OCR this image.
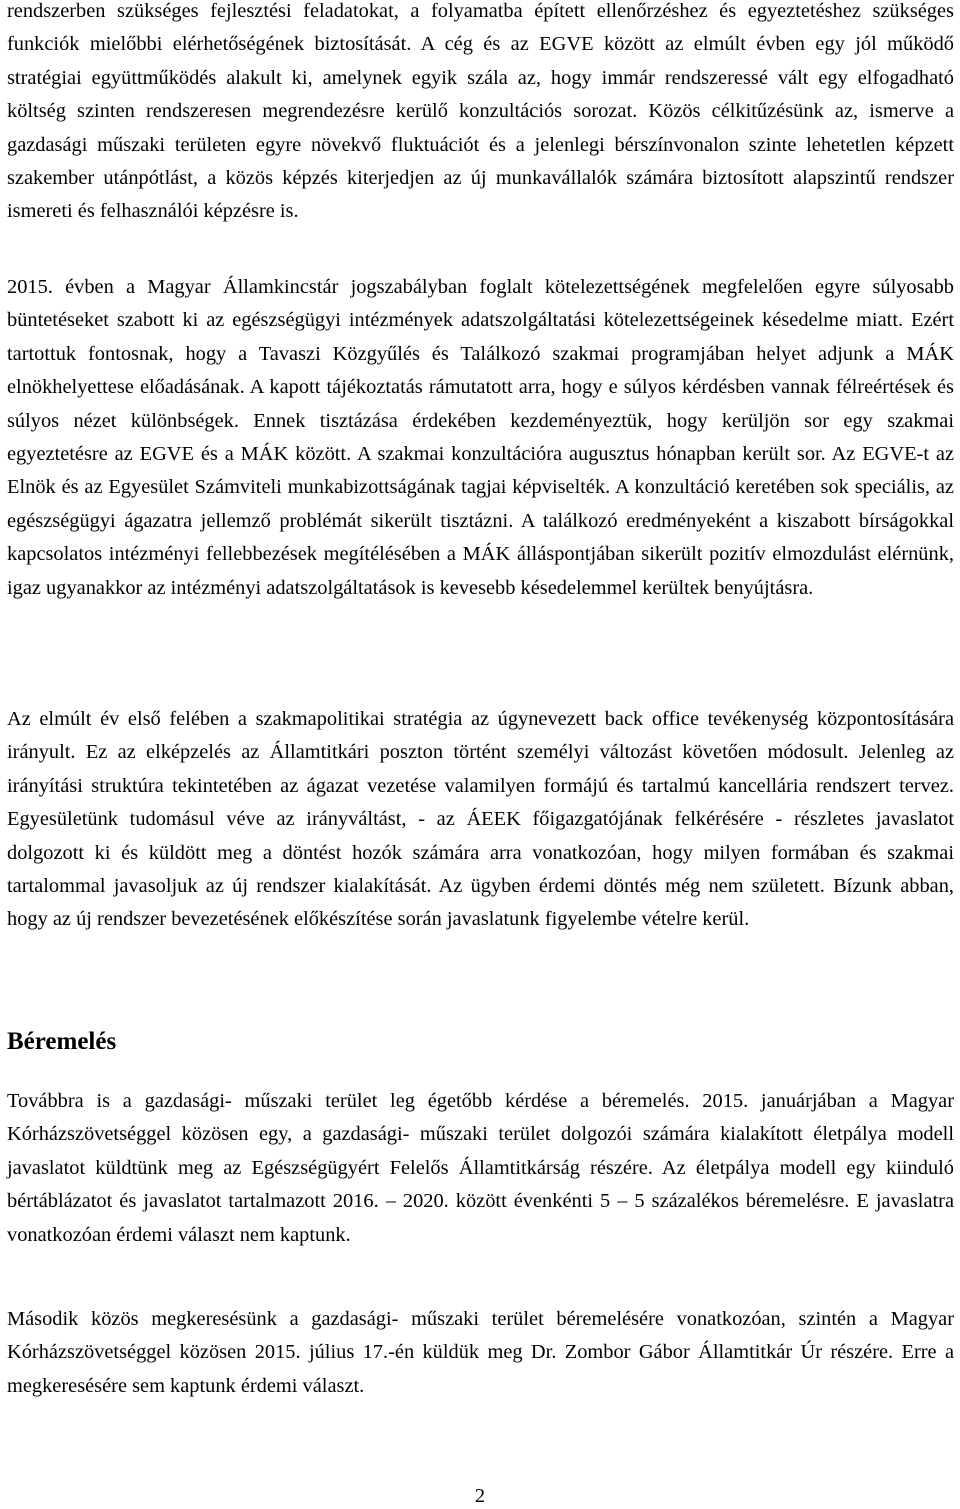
rendszerben szükséges fejlesztési feladatokat, a folyamatba épített ellenőrzéshez és egyeztetéshez szükséges funkciók mielőbbi elérhetőségének biztosítását. A cég és az EGVE között az elmúlt évben egy jól működő stratégiai együttműködés alakult ki, amelynek egyik szála az, hogy immár rendszeressé vált egy elfogadható költség szinten rendszeresen megrendezésre kerülő konzultációs sorozat. Közös célkitűzésünk az, ismerve a gazdasági műszaki területen egyre növekvő fluktuációt és a jelenlegi bérszínvonalon szinte lehetetlen képzett szakember utánpótlást, a közös képzés kiterjedjen az új munkavállalók számára biztosított alapszintű rendszer ismereti és felhasználói képzésre is.

2015. évben a Magyar Államkincstár jogszabályban foglalt kötelezettségének megfelelően egyre súlyosabb büntetéseket szabott ki az egészségügyi intézmények adatszolgáltatási kötelezettségeinek késedelme miatt. Ezért tartottuk fontosnak, hogy a Tavaszi Közgyűlés és Találkozó szakmai programjában helyet adjunk a MÁK elnökhelyettese előadásának. A kapott tájékoztatás rámutatott arra, hogy e súlyos kérdésben vannak félreértések és súlyos nézet különbségek. Ennek tisztázása érdekében kezdeményeztük, hogy kerüljön sor egy szakmai egyeztetésre az EGVE és a MÁK között. A szakmai konzultációra augusztus hónapban került sor. Az EGVE-t az Elnök és az Egyesület Számviteli munkabizottságának tagjai képviselték. A konzultáció keretében sok speciális, az egészségügyi ágazatra jellemző problémát sikerült tisztázni. A találkozó eredményeként a kiszabott bírságokkal kapcsolatos intézményi fellebbezések megítélésében a MÁK álláspontjában sikerült pozitív elmozdulást elérnünk, igaz ugyanakkor az intézményi adatszolgáltatások is kevesebb késedelemmel kerültek benyújtásra.

Az elmúlt év első felében a szakmapolitikai stratégia az úgynevezett back office tevékenység központosítására irányult. Ez az elképzelés az Államtitkári poszton történt személyi változást követően módosult. Jelenleg az irányítási struktúra tekintetében az ágazat vezetése valamilyen formájú és tartalmú kancellária rendszert tervez. Egyesületünk tudomásul véve az irányváltást, - az ÁEEK főigazgatójának felkérésére - részletes javaslatot dolgozott ki és küldött meg a döntést hozók számára arra vonatkozóan, hogy milyen formában és szakmai tartalommal javasoljuk az új rendszer kialakítását. Az ügyben érdemi döntés még nem született. Bízunk abban, hogy az új rendszer bevezetésének előkészítése során javaslatunk figyelembe vételre kerül.

Béremelés

Továbbra is a gazdasági- műszaki terület leg égetőbb kérdése a béremelés. 2015. januárjában a Magyar Kórházszövetséggel közösen egy, a gazdasági- műszaki terület dolgozói számára kialakított életpálya modell javaslatot küldtünk meg az Egészségügyért Felelős Államtitkárság részére. Az életpálya modell egy kiinduló bértáblázatot és javaslatot tartalmazott 2016. ⎯ 2020. között évenkénti 5 ⎯ 5 százalékos béremelésre. E javaslatra vonatkozóan érdemi választ nem kaptunk.

Második közös megkeresésünk a gazdasági- műszaki terület béremelésére vonatkozóan, szintén a Magyar Kórházszövetséggel közösen 2015. július 17.-én küldük meg Dr. Zombor Gábor Államtitkár Úr részére. Erre a megkeresésére sem kaptunk érdemi választ.

2
